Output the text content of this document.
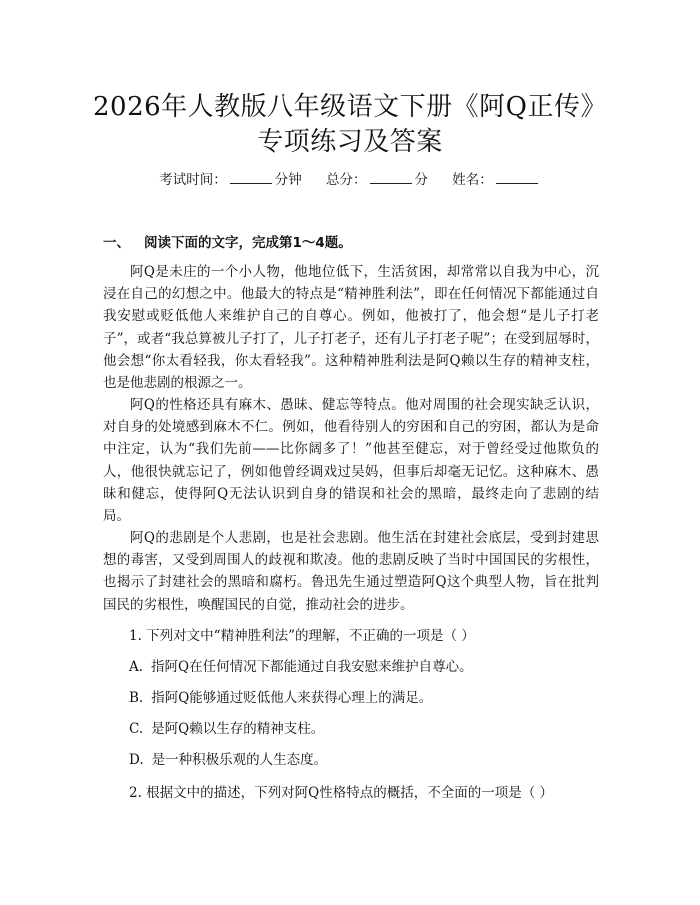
2026年人教版八年级语文下册《阿Q正传》
专项练习及答案
考试时间：	分钟 总分：	分 姓名：
一、 阅读下面的文字，完成第1～4题。

阿Q是未庄的一个小人物，他地位低下，生活贫困，却常常以自我为中心，沉浸在自己的幻想之中。他最大的特点是“精神胜利法”，即在任何情况下都能通过自我安慰或贬低他人来维护自己的自尊心。例如，他被打了，他会想“是儿子打老子”，或者“我总算被儿子打了，儿子打老子，还有儿子打老子呢”；在受到屈辱时，他会想“你太看轻我，你太看轻我”。这种精神胜利法是阿Q赖以生存的精神支柱，也是他悲剧的根源之一。

阿Q的性格还具有麻木、愚昧、健忘等特点。他对周围的社会现实缺乏认识，对自身的处境感到麻木不仁。例如，他看待别人的穷困和自己的穷困，都认为是命中注定，认为“我们先前——比你阔多了！”他甚至健忘，对于曾经受过他欺负的人，他很快就忘记了，例如他曾经调戏过吴妈，但事后却毫无记忆。这种麻木、愚昧和健忘，使得阿Q无法认识到自身的错误和社会的黑暗，最终走向了悲剧的结局。

阿Q的悲剧是个人悲剧，也是社会悲剧。他生活在封建社会底层，受到封建思想的毒害，又受到周围人的歧视和欺凌。他的悲剧反映了当时中国国民的劣根性，也揭示了封建社会的黑暗和腐朽。鲁迅先生通过塑造阿Q这个典型人物，旨在批判国民的劣根性，唤醒国民的自觉，推动社会的进步。

1. 下列对文中“精神胜利法”的理解，不正确的一项是（ ）

A. 指阿Q在任何情况下都能通过自我安慰来维护自尊心。

B. 指阿Q能够通过贬低他人来获得心理上的满足。

C. 是阿Q赖以生存的精神支柱。

D. 是一种积极乐观的人生态度。

2. 根据文中的描述，下列对阿Q性格特点的概括，不全面的一项是（ ）
